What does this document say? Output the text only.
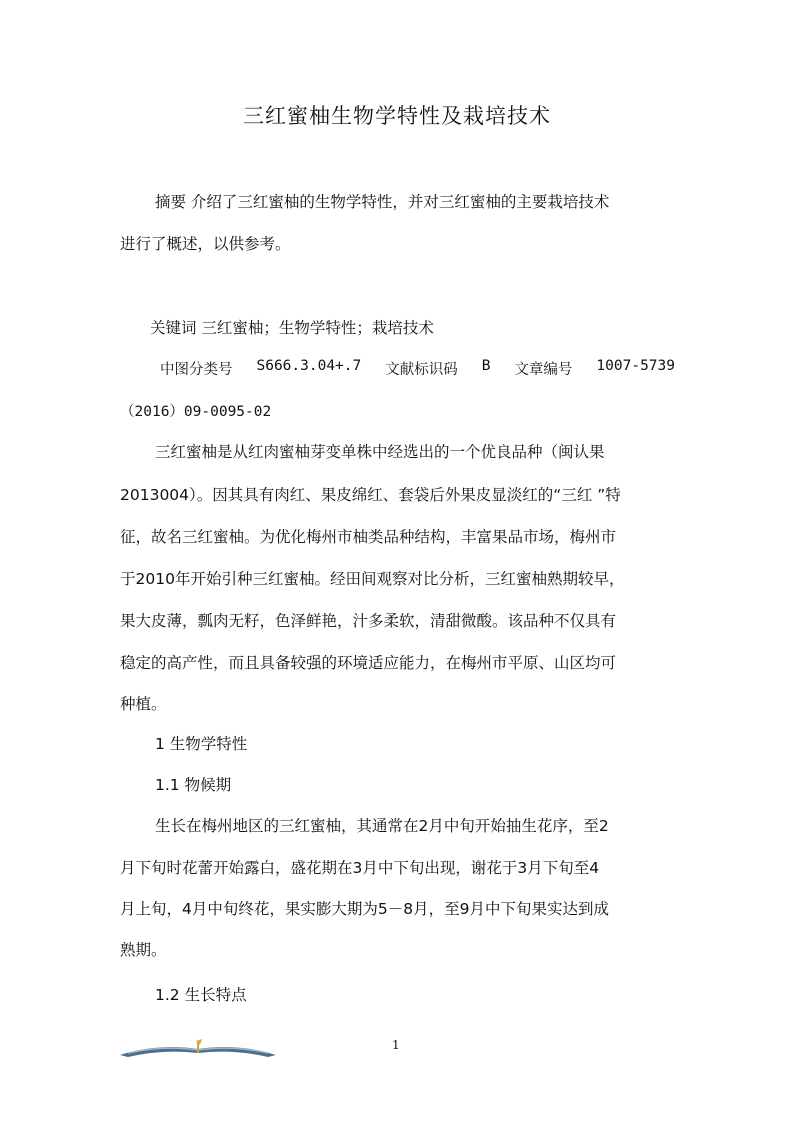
三红蜜柚生物学特性及栽培技术
摘要 介绍了三红蜜柚的生物学特性，并对三红蜜柚的主要栽培技术
进行了概述，以供参考。
关键词 三红蜜柚；生物学特性；栽培技术
中图分类号 S666.3.04+.7 文献标识码 B 文章编号 1007-5739
（2016）09-0095-02
三红蜜柚是从红肉蜜柚芽变单株中经选出的一个优良品种（闽认果
2013004）。因其具有肉红、果皮绵红、套袋后外果皮显淡红的“三红 ”特
征，故名三红蜜柚。为优化梅州市柚类品种结构，丰富果品市场，梅州市
于2010年开始引种三红蜜柚。经田间观察对比分析，三红蜜柚熟期较早，
果大皮薄，瓢肉无籽，色泽鲜艳，汁多柔软，清甜微酸。该品种不仅具有
稳定的高产性，而且具备较强的环境适应能力，在梅州市平原、山区均可
种植。
1 生物学特性
1.1 物候期
生长在梅州地区的三红蜜柚，其通常在2月中旬开始抽生花序，至2
月下旬时花蕾开始露白，盛花期在3月中下旬出现，谢花于3月下旬至4
月上旬，4月中旬终花，果实膨大期为5－8月，至9月中下旬果实达到成
熟期。
1.2 生长特点
1
